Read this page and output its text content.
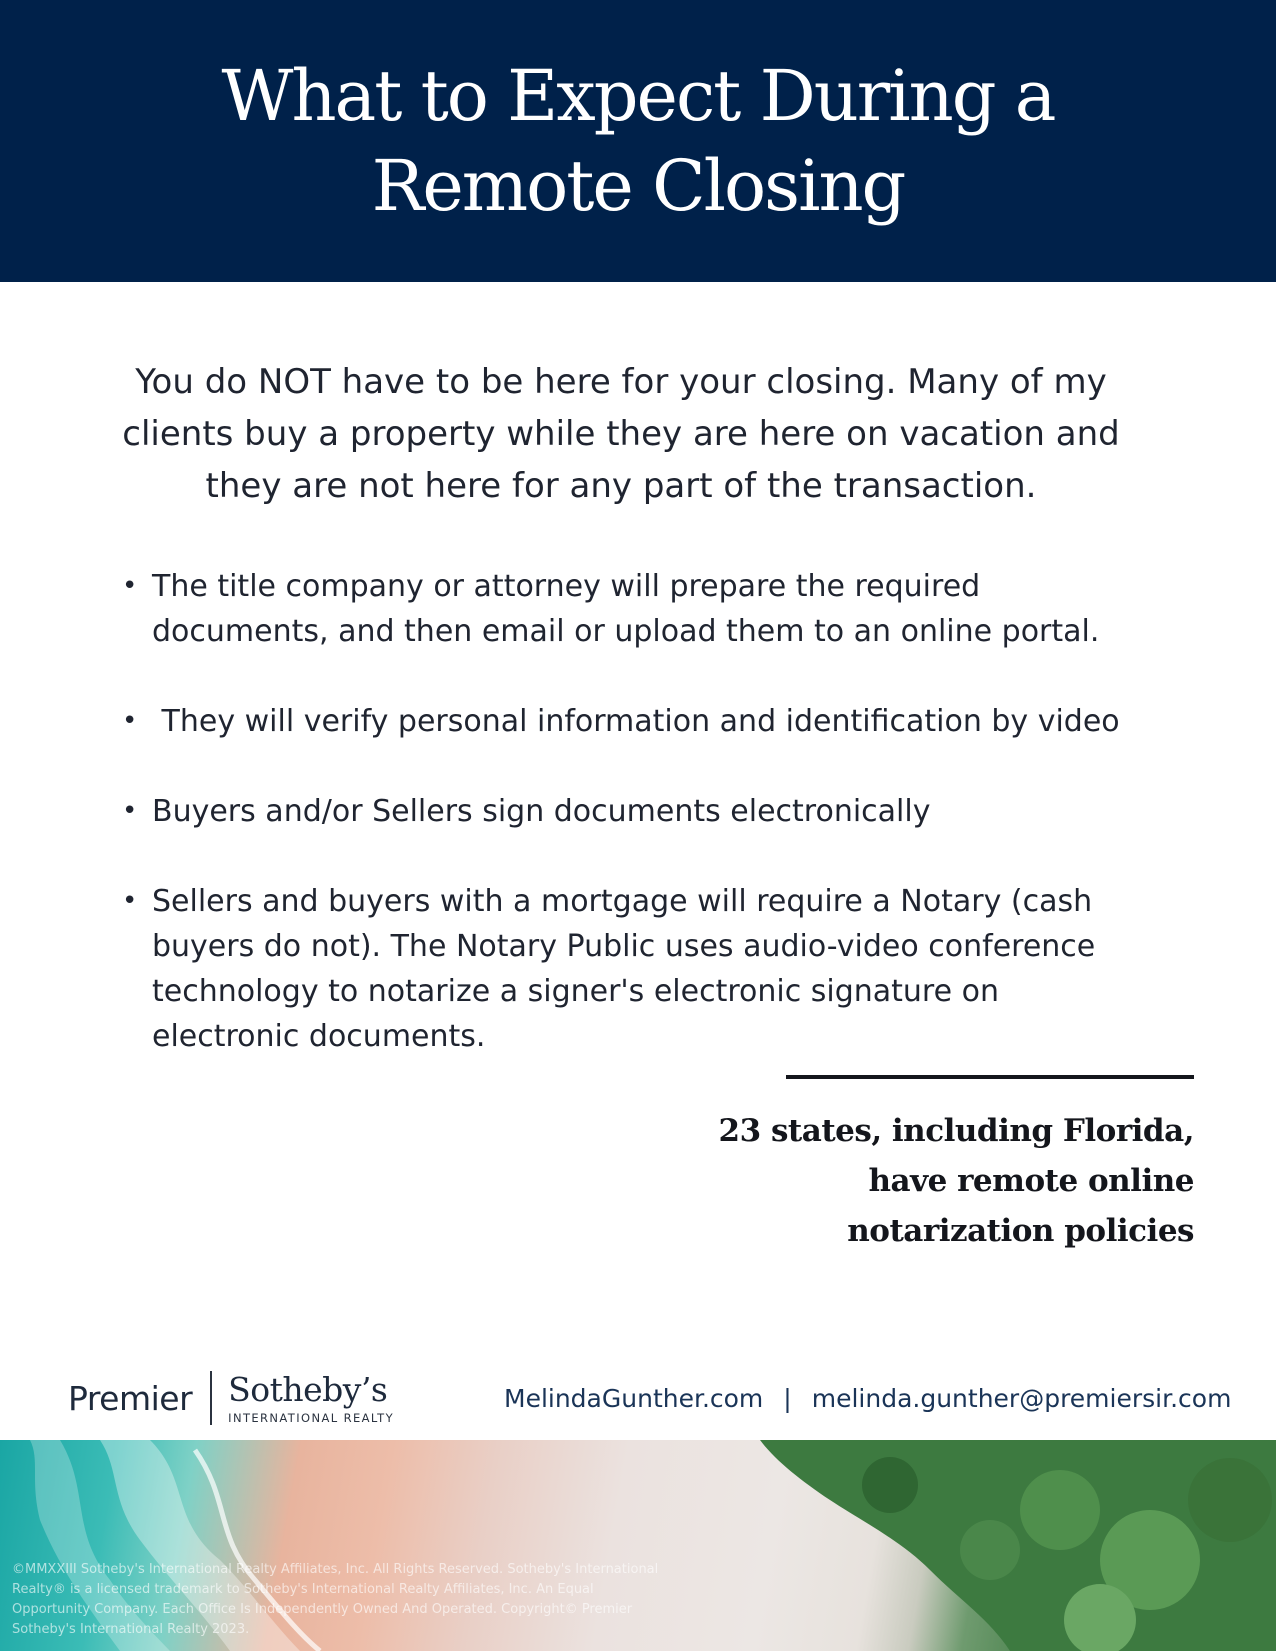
What to Expect During a Remote Closing

You do NOT have to be here for your closing. Many of my clients buy a property while they are here on vacation and they are not here for any part of the transaction.

• The title company or attorney will prepare the required documents, and then email or upload them to an online portal.
• They will verify personal information and identification by video
• Buyers and/or Sellers sign documents electronically
• Sellers and buyers with a mortgage will require a Notary (cash buyers do not). The Notary Public uses audio-video conference technology to notarize a signer's electronic signature on electronic documents.

23 states, including Florida, have remote online notarization policies

Premier Sotheby’s
INTERNATIONAL REALTY
MelindaGunther.com | melinda.gunther@premiersir.com

©MMXXIII Sotheby's International Realty Affiliates, Inc. All Rights Reserved. Sotheby's International Realty® is a licensed trademark to Sotheby's International Realty Affiliates, Inc. An Equal Opportunity Company. Each Office Is Independently Owned And Operated. Copyright© Premier Sotheby's International Realty 2023.
